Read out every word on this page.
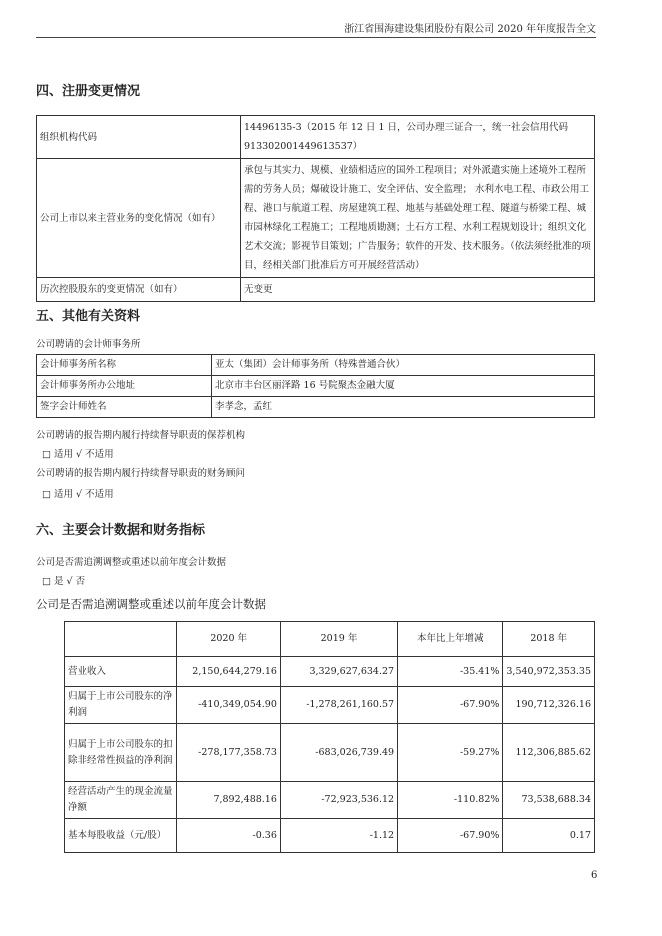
浙江省围海建设集团股份有限公司 2020 年年度报告全文
四、注册变更情况
组织机构代码	14496135-3（2015 年 12 日 1 日，公司办理三证合一，统一社会信用代码913302001449613537）
公司上市以来主营业务的变化情况（如有）	承包与其实力、规模、业绩相适应的国外工程项目；对外派遣实施上述境外工程所需的劳务人员；爆破设计施工、安全评估、安全监理； 水利水电工程、市政公用工程、港口与航道工程、房屋建筑工程、地基与基础处理工程、隧道与桥梁工程、城市园林绿化工程施工；工程地质勘测；土石方工程、水利工程规划设计；组织文化艺术交流；影视节目策划；广告服务；软件的开发、技术服务。（依法须经批准的项目，经相关部门批准后方可开展经营活动）
历次控股股东的变更情况（如有）	无变更
五、其他有关资料
公司聘请的会计师事务所
会计师事务所名称	亚太（集团）会计师事务所（特殊普通合伙）
会计师事务所办公地址	北京市丰台区丽泽路 16 号院聚杰金融大厦
签字会计师姓名	李孝念，孟红
公司聘请的报告期内履行持续督导职责的保荐机构
□ 适用 √ 不适用
公司聘请的报告期内履行持续督导职责的财务顾问
□ 适用 √ 不适用
六、主要会计数据和财务指标
公司是否需追溯调整或重述以前年度会计数据
□ 是 √ 否
公司是否需追溯调整或重述以前年度会计数据
	2020 年	2019 年	本年比上年增减	2018 年
营业收入	2,150,644,279.16	3,329,627,634.27	-35.41%	3,540,972,353.35
归属于上市公司股东的净利润	-410,349,054.90	-1,278,261,160.57	-67.90%	190,712,326.16
归属于上市公司股东的扣除非经常性损益的净利润	-278,177,358.73	-683,026,739.49	-59.27%	112,306,885.62
经营活动产生的现金流量净额	7,892,488.16	-72,923,536.12	-110.82%	73,538,688.34
基本每股收益（元/股）	-0.36	-1.12	-67.90%	0.17
6
